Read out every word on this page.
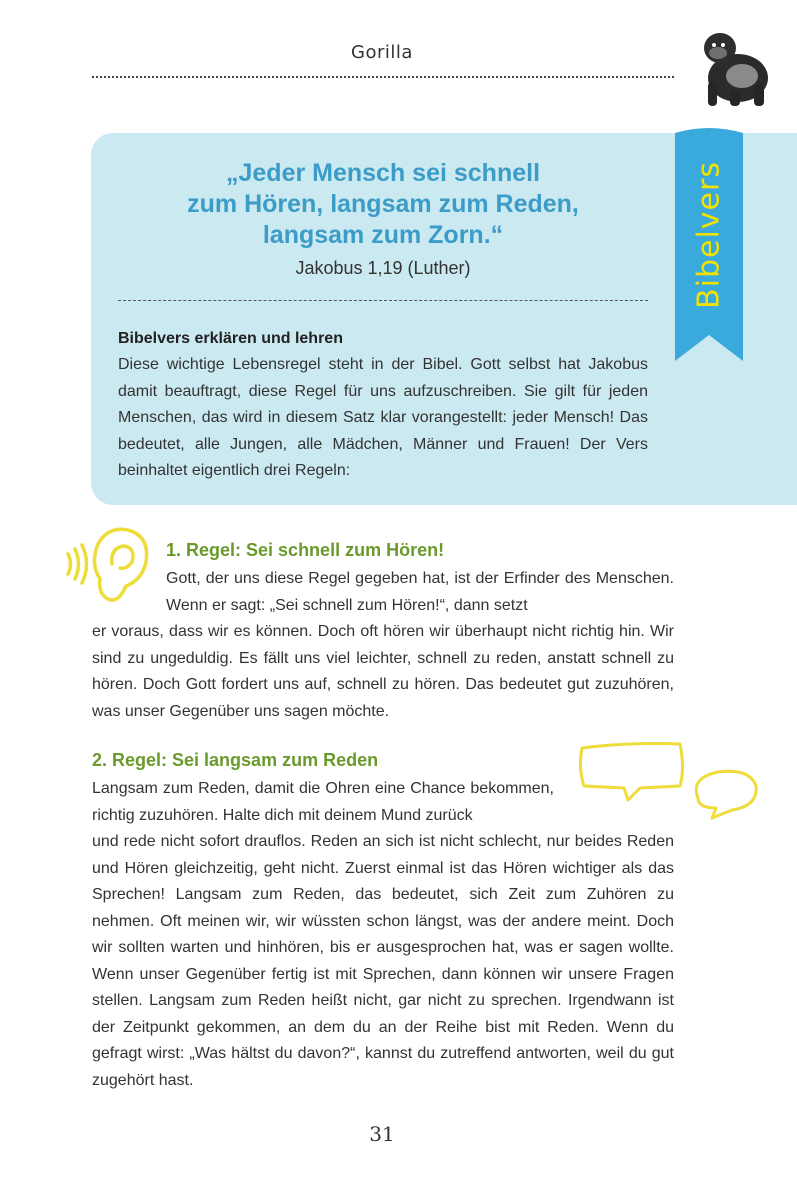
Gorilla
Bibelvers
„Jeder Mensch sei schnell
zum Hören, langsam zum Reden,
langsam zum Zorn.“
Jakobus 1,19 (Luther)
Bibelvers erklären und lehren
Diese wichtige Lebensregel steht in der Bibel. Gott selbst hat Jakobus damit beauftragt, diese Regel für uns aufzuschreiben. Sie gilt für jeden Menschen, das wird in diesem Satz klar vorangestellt: jeder Mensch! Das bedeutet, alle Jungen, alle Mädchen, Männer und Frauen! Der Vers beinhaltet eigentlich drei Regeln:
1. Regel: Sei schnell zum Hören!
Gott, der uns diese Regel gegeben hat, ist der Erfinder des Menschen. Wenn er sagt: „Sei schnell zum Hören!“, dann setzt
er voraus, dass wir es können. Doch oft hören wir überhaupt nicht richtig hin. Wir sind zu ungeduldig. Es fällt uns viel leichter, schnell zu reden, anstatt schnell zu hören. Doch Gott fordert uns auf, schnell zu hören. Das bedeutet gut zuzuhören, was unser Gegenüber uns sagen möchte.
2. Regel: Sei langsam zum Reden
Langsam zum Reden, damit die Ohren eine Chance bekommen, richtig zuzuhören. Halte dich mit deinem Mund zurück
und rede nicht sofort drauflos. Reden an sich ist nicht schlecht, nur beides Reden und Hören gleichzeitig, geht nicht. Zuerst einmal ist das Hören wichtiger als das Sprechen! Langsam zum Reden, das bedeutet, sich Zeit zum Zuhören zu nehmen. Oft meinen wir, wir wüssten schon längst, was der andere meint. Doch wir sollten warten und hinhören, bis er ausgesprochen hat, was er sagen wollte. Wenn unser Gegenüber fertig ist mit Sprechen, dann können wir unsere Fragen stellen. Langsam zum Reden heißt nicht, gar nicht zu sprechen. Irgendwann ist der Zeitpunkt gekommen, an dem du an der Reihe bist mit Reden. Wenn du gefragt wirst: „Was hältst du davon?“, kannst du zutreffend antworten, weil du gut zugehört hast.
31
